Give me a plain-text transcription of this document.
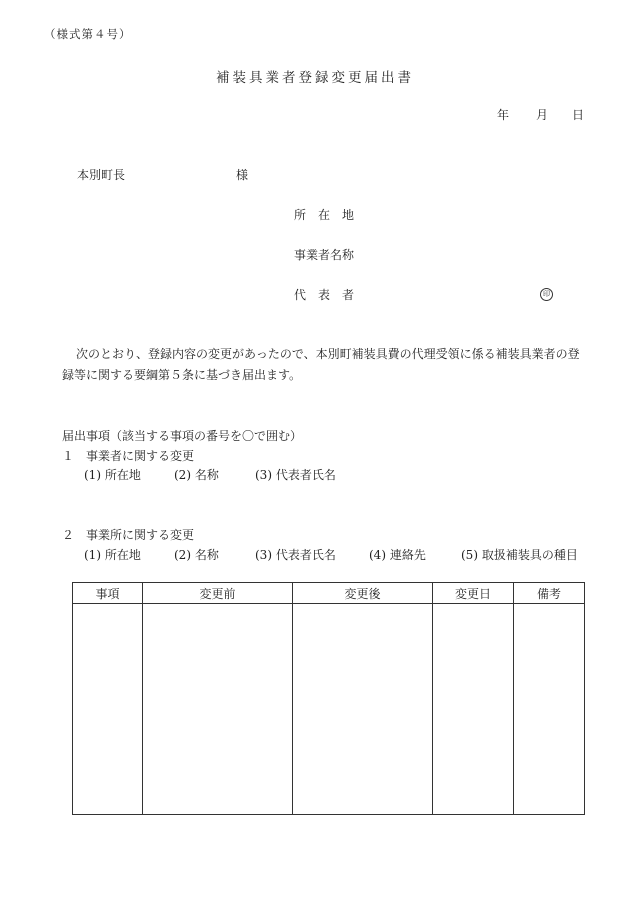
（様式第４号）
補装具業者登録変更届出書
年 月 日
本別町長	様
所　在　地
事業者名称
代　表　者	印
次のとおり、登録内容の変更があったので、本別町補装具費の代理受領に係る補装具業者の登録等に関する要綱第５条に基づき届出ます。
届出事項（該当する事項の番号を〇で囲む）
１　事業者に関する変更
(1) 所在地	(2) 名称	(3) 代表者氏名
２　事業所に関する変更
(1) 所在地	(2) 名称	(3) 代表者氏名	(4) 連絡先	(5) 取扱補装具の種目
事項	変更前	変更後	変更日	備考
